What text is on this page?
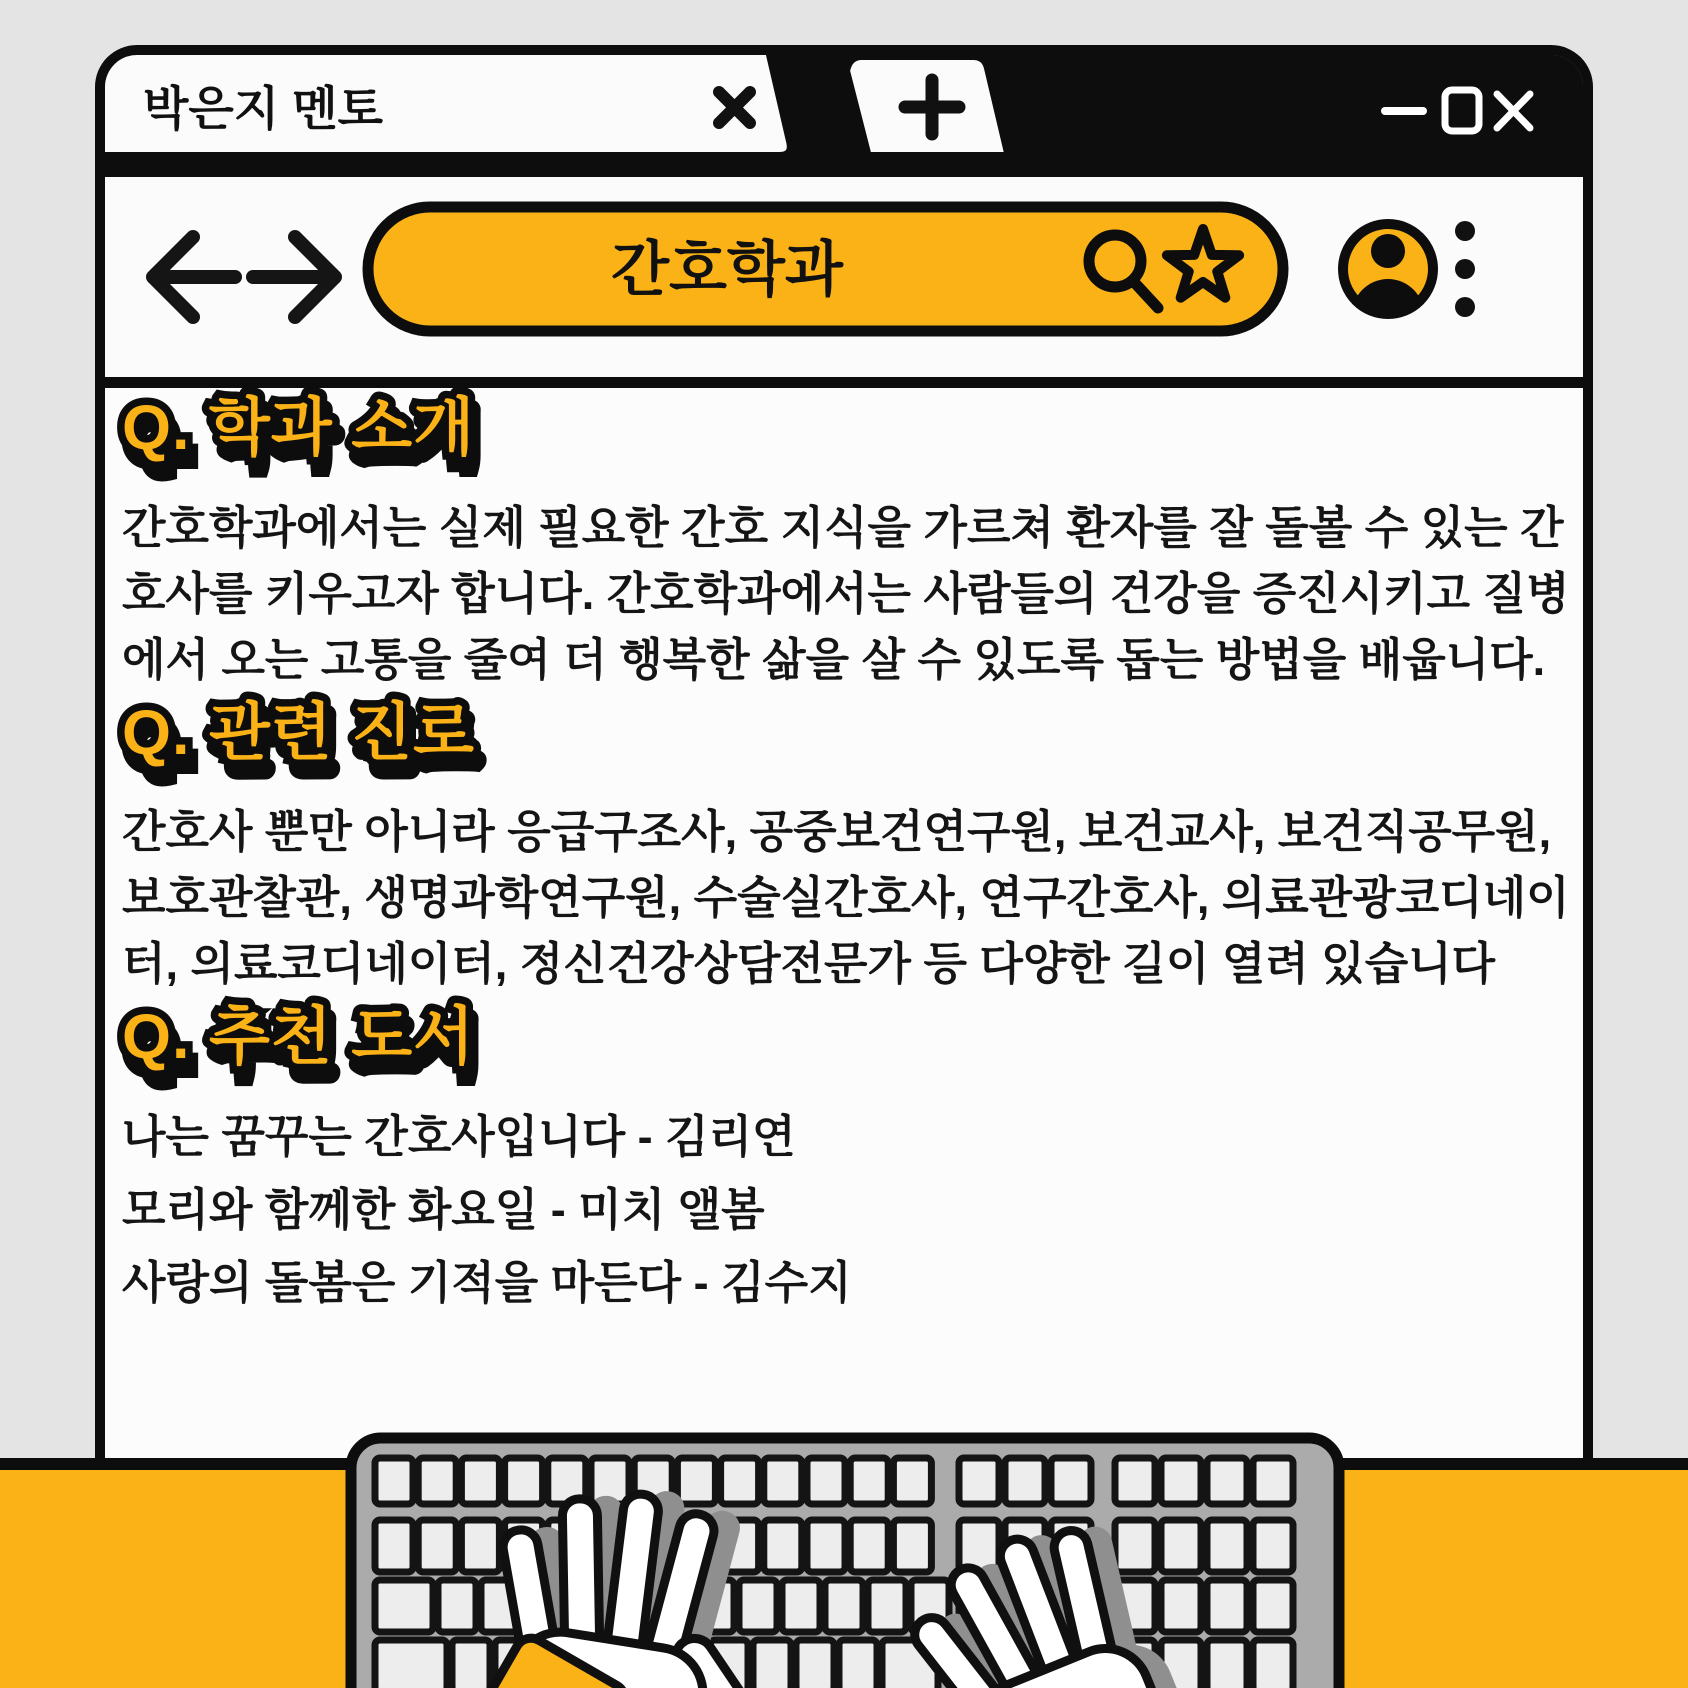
박은지 멘토
간호학과
Q. 학과 소개 Q. 학과 소개 Q. 학과 소개
간호학과에서는 실제 필요한 간호 지식을 가르쳐 환자를 잘 돌볼 수 있는 간
호사를 키우고자 합니다. 간호학과에서는 사람들의 건강을 증진시키고 질병
에서 오는 고통을 줄여 더 행복한 삶을 살 수 있도록 돕는 방법을 배웁니다.
Q. 관련 진로 Q. 관련 진로 Q. 관련 진로
간호사 뿐만 아니라 응급구조사, 공중보건연구원, 보건교사, 보건직공무원,
보호관찰관, 생명과학연구원, 수술실간호사, 연구간호사, 의료관광코디네이
터, 의료코디네이터, 정신건강상담전문가 등 다양한 길이 열려 있습니다
Q. 추천 도서 Q. 추천 도서 Q. 추천 도서
나는 꿈꾸는 간호사입니다 - 김리연
모리와 함께한 화요일 - 미치 앨봄
사랑의 돌봄은 기적을 마든다 - 김수지
